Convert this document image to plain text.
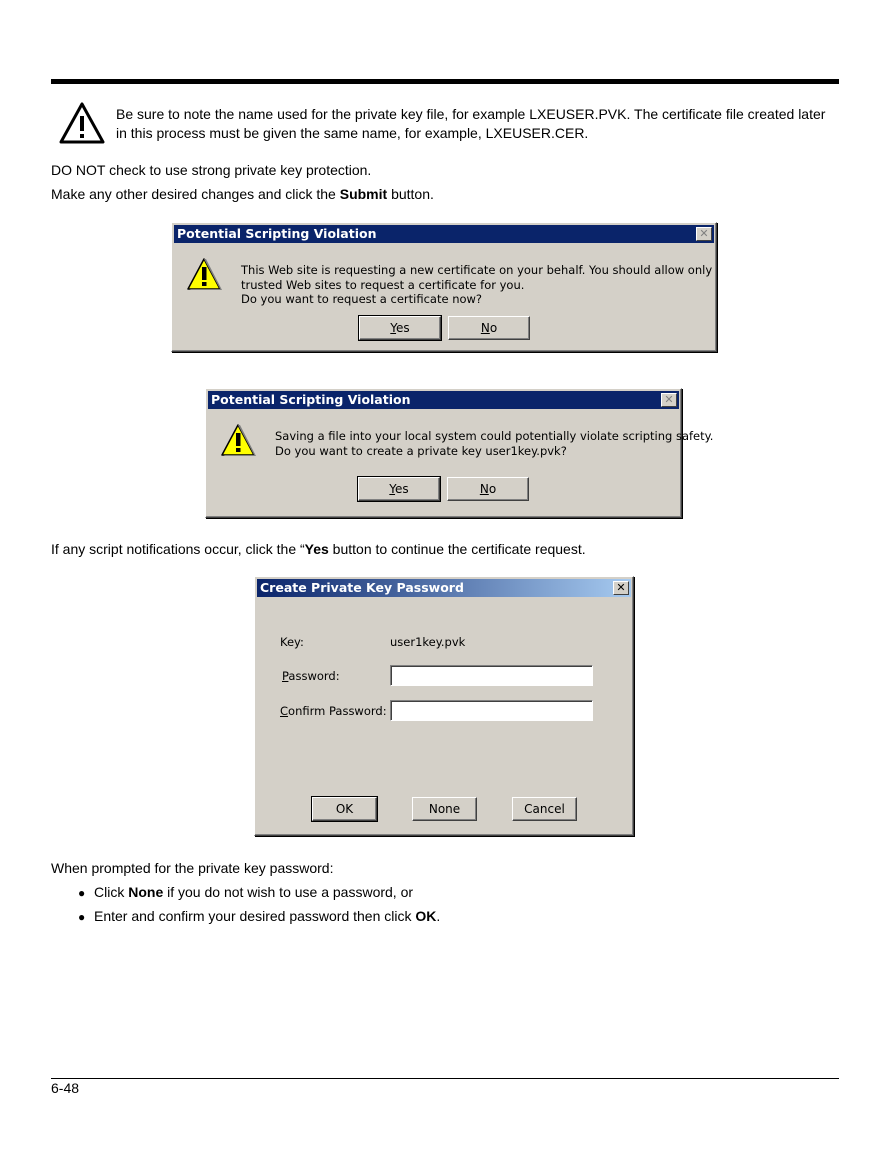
Be sure to note the name used for the private key file, for example LXEUSER.PVK. The certificate file created later
in this process must be given the same name, for example, LXEUSER.CER.
DO NOT check to use strong private key protection.
Make any other desired changes and click the Submit button.
Potential Scripting Violation	✕
This Web site is requesting a new certificate on your behalf. You should allow only
trusted Web sites to request a certificate for you.
Do you want to request a certificate now?
Yes	No
Potential Scripting Violation	✕
Saving a file into your local system could potentially violate scripting safety.
Do you want to create a private key user1key.pvk?
Yes	No
If any script notifications occur, click the “Yes button to continue the certificate request.
Create Private Key Password	✕
Key:	user1key.pvk
Password:
Confirm Password:
OK	None	Cancel
When prompted for the private key password:
● Click None if you do not wish to use a password, or
● Enter and confirm your desired password then click OK.
6-48
